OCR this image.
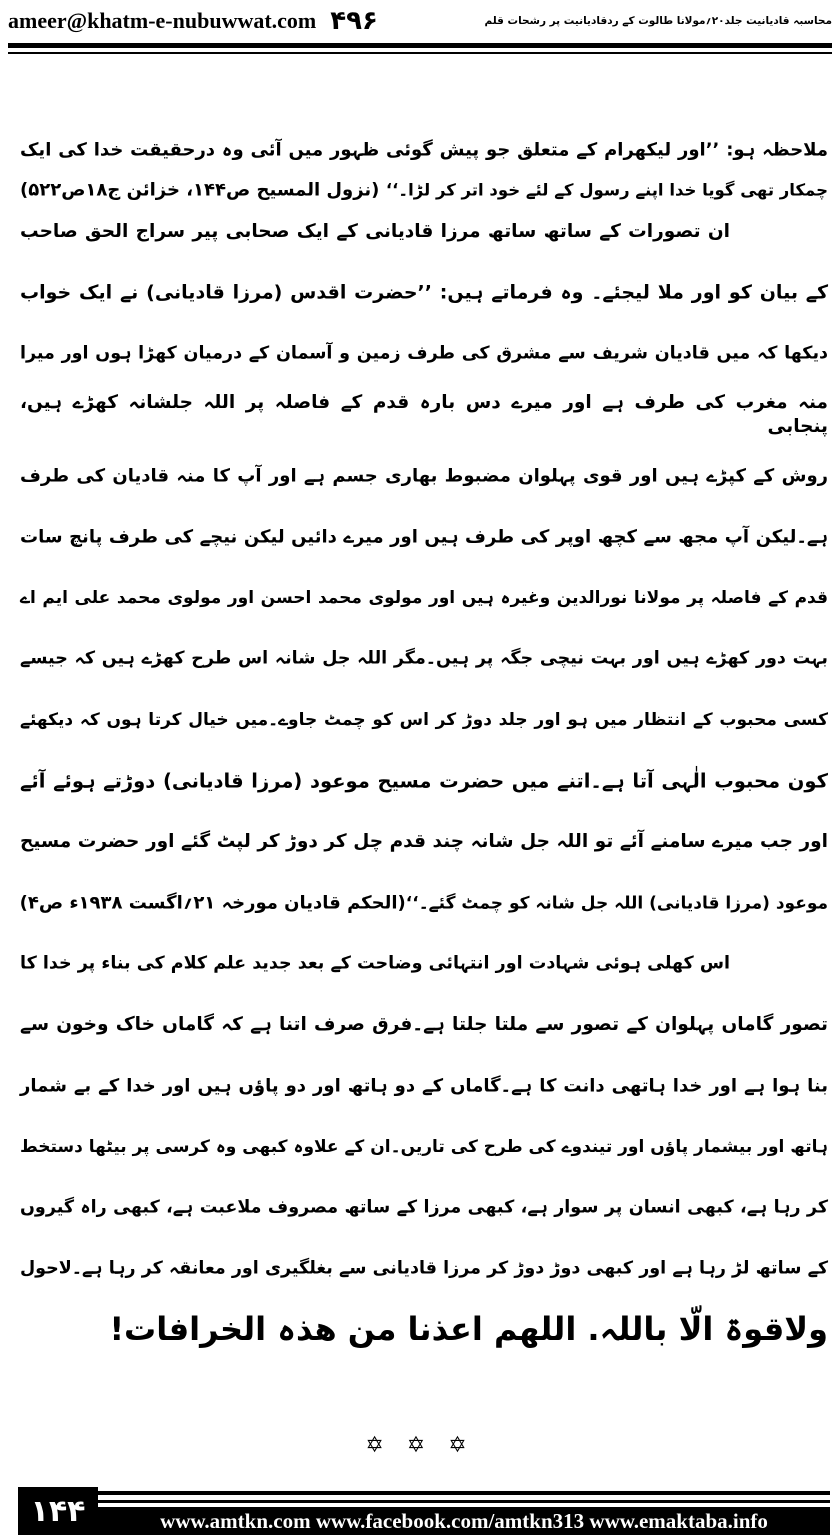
ameer@khatm-e-nubuwwat.com ۴۹۶	محاسبہ قادیانیت جلد۲۰؍مولانا طالوت کے ردقادیانیت پر رشحات قلم
ملاحظہ ہو: ’’اور لیکھرام کے متعلق جو پیش گوئی ظہور میں آئی وہ درحقیقت خدا کی ایک
چمکار تھی گویا خدا اپنے رسول کے لئے خود اتر کر لڑا۔‘‘
(نزول المسیح ص۱۴۴، خزائن ج۱۸ص۵۲۲)
ان تصورات کے ساتھ ساتھ مرزا قادیانی کے ایک صحابی پیر سراج الحق صاحب
کے بیان کو اور ملا لیجئے۔ وہ فرماتے ہیں: ’’حضرت اقدس (مرزا قادیانی) نے ایک خواب
دیکھا کہ میں قادیان شریف سے مشرق کی طرف زمین و آسمان کے درمیان کھڑا ہوں اور میرا
منہ مغرب کی طرف ہے اور میرے دس بارہ قدم کے فاصلہ پر اللہ جلشانہ کھڑے ہیں، پنجابی
روش کے کپڑے ہیں اور قوی پہلوان مضبوط بھاری جسم ہے اور آپ کا منہ قادیان کی طرف
ہے۔لیکن آپ مجھ سے کچھ اوپر کی طرف ہیں اور میرے دائیں لیکن نیچے کی طرف پانچ سات
قدم کے فاصلہ پر مولانا نورالدین وغیرہ ہیں اور مولوی محمد احسن اور مولوی محمد علی ایم اے
بہت دور کھڑے ہیں اور بہت نیچی جگہ پر ہیں۔مگر اللہ جل شانہ اس طرح کھڑے ہیں کہ جیسے
کسی محبوب کے انتظار میں ہو اور جلد دوڑ کر اس کو چمٹ جاوے۔میں خیال کرتا ہوں کہ دیکھئے
کون محبوب الٰہی آتا ہے۔اتنے میں حضرت مسیح موعود (مرزا قادیانی) دوڑتے ہوئے آئے
اور جب میرے سامنے آئے تو اللہ جل شانہ چند قدم چل کر دوڑ کر لپٹ گئے اور حضرت مسیح
موعود (مرزا قادیانی) اللہ جل شانہ کو چمٹ گئے۔‘‘
(الحکم قادیان مورخہ ۲۱؍اگست ۱۹۳۸ء ص۴)
اس کھلی ہوئی شہادت اور انتہائی وضاحت کے بعد جدید علم کلام کی بناء پر خدا کا
تصور گاماں پہلوان کے تصور سے ملتا جلتا ہے۔فرق صرف اتنا ہے کہ گاماں خاک وخون سے
بنا ہوا ہے اور خدا ہاتھی دانت کا ہے۔گاماں کے دو ہاتھ اور دو پاؤں ہیں اور خدا کے بے شمار
ہاتھ اور بیشمار پاؤں اور تیندوے کی طرح کی تاریں۔ان کے علاوہ کبھی وہ کرسی پر بیٹھا دستخط
کر رہا ہے، کبھی انسان پر سوار ہے، کبھی مرزا کے ساتھ مصروف ملاعبت ہے، کبھی راہ گیروں
کے ساتھ لڑ رہا ہے اور کبھی دوڑ دوڑ کر مرزا قادیانی سے بغلگیری اور معانقہ کر رہا ہے۔لاحول
ولاقوۃ الّا باللہ. اللھم اعذنا من ھذہ الخرافات!
✡ ✡ ✡
۱۴۴	www.amtkn.com www.facebook.com/amtkn313 www.emaktaba.info
